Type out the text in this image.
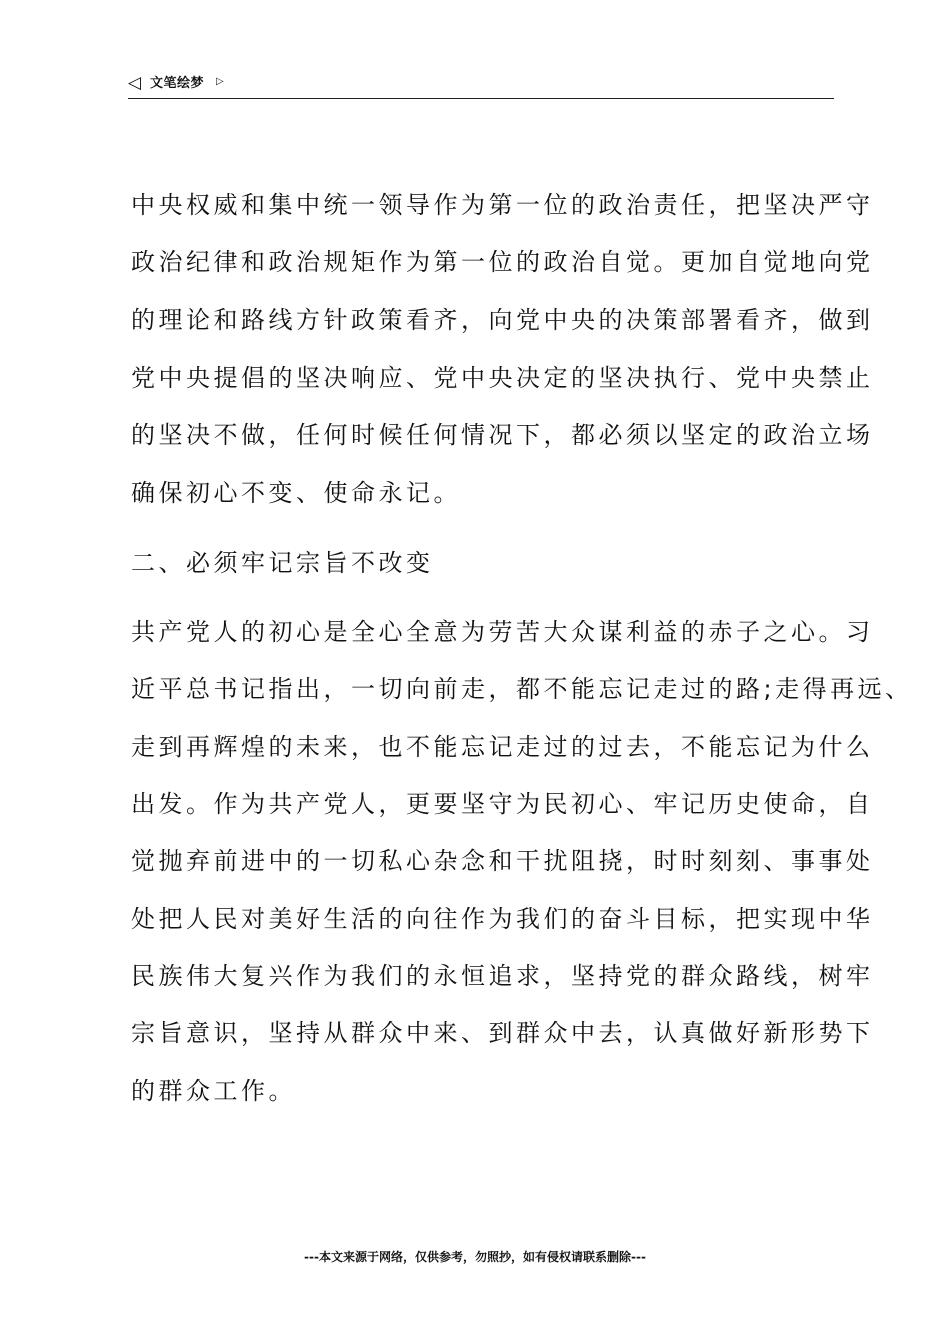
◁ 文笔绘梦 ▷
中央权威和集中统一领导作为第一位的政治责任，把坚决严守
政治纪律和政治规矩作为第一位的政治自觉。更加自觉地向党
的理论和路线方针政策看齐，向党中央的决策部署看齐，做到
党中央提倡的坚决响应、党中央决定的坚决执行、党中央禁止
的坚决不做，任何时候任何情况下，都必须以坚定的政治立场
确保初心不变、使命永记。
二、必须牢记宗旨不改变
共产党人的初心是全心全意为劳苦大众谋利益的赤子之心。习
近平总书记指出，一切向前走，都不能忘记走过的路;走得再远、
走到再辉煌的未来，也不能忘记走过的过去，不能忘记为什么
出发。作为共产党人，更要坚守为民初心、牢记历史使命，自
觉抛弃前进中的一切私心杂念和干扰阻挠，时时刻刻、事事处
处把人民对美好生活的向往作为我们的奋斗目标，把实现中华
民族伟大复兴作为我们的永恒追求，坚持党的群众路线，树牢
宗旨意识，坚持从群众中来、到群众中去，认真做好新形势下
的群众工作。
---本文来源于网络，仅供参考，勿照抄，如有侵权请联系删除---
